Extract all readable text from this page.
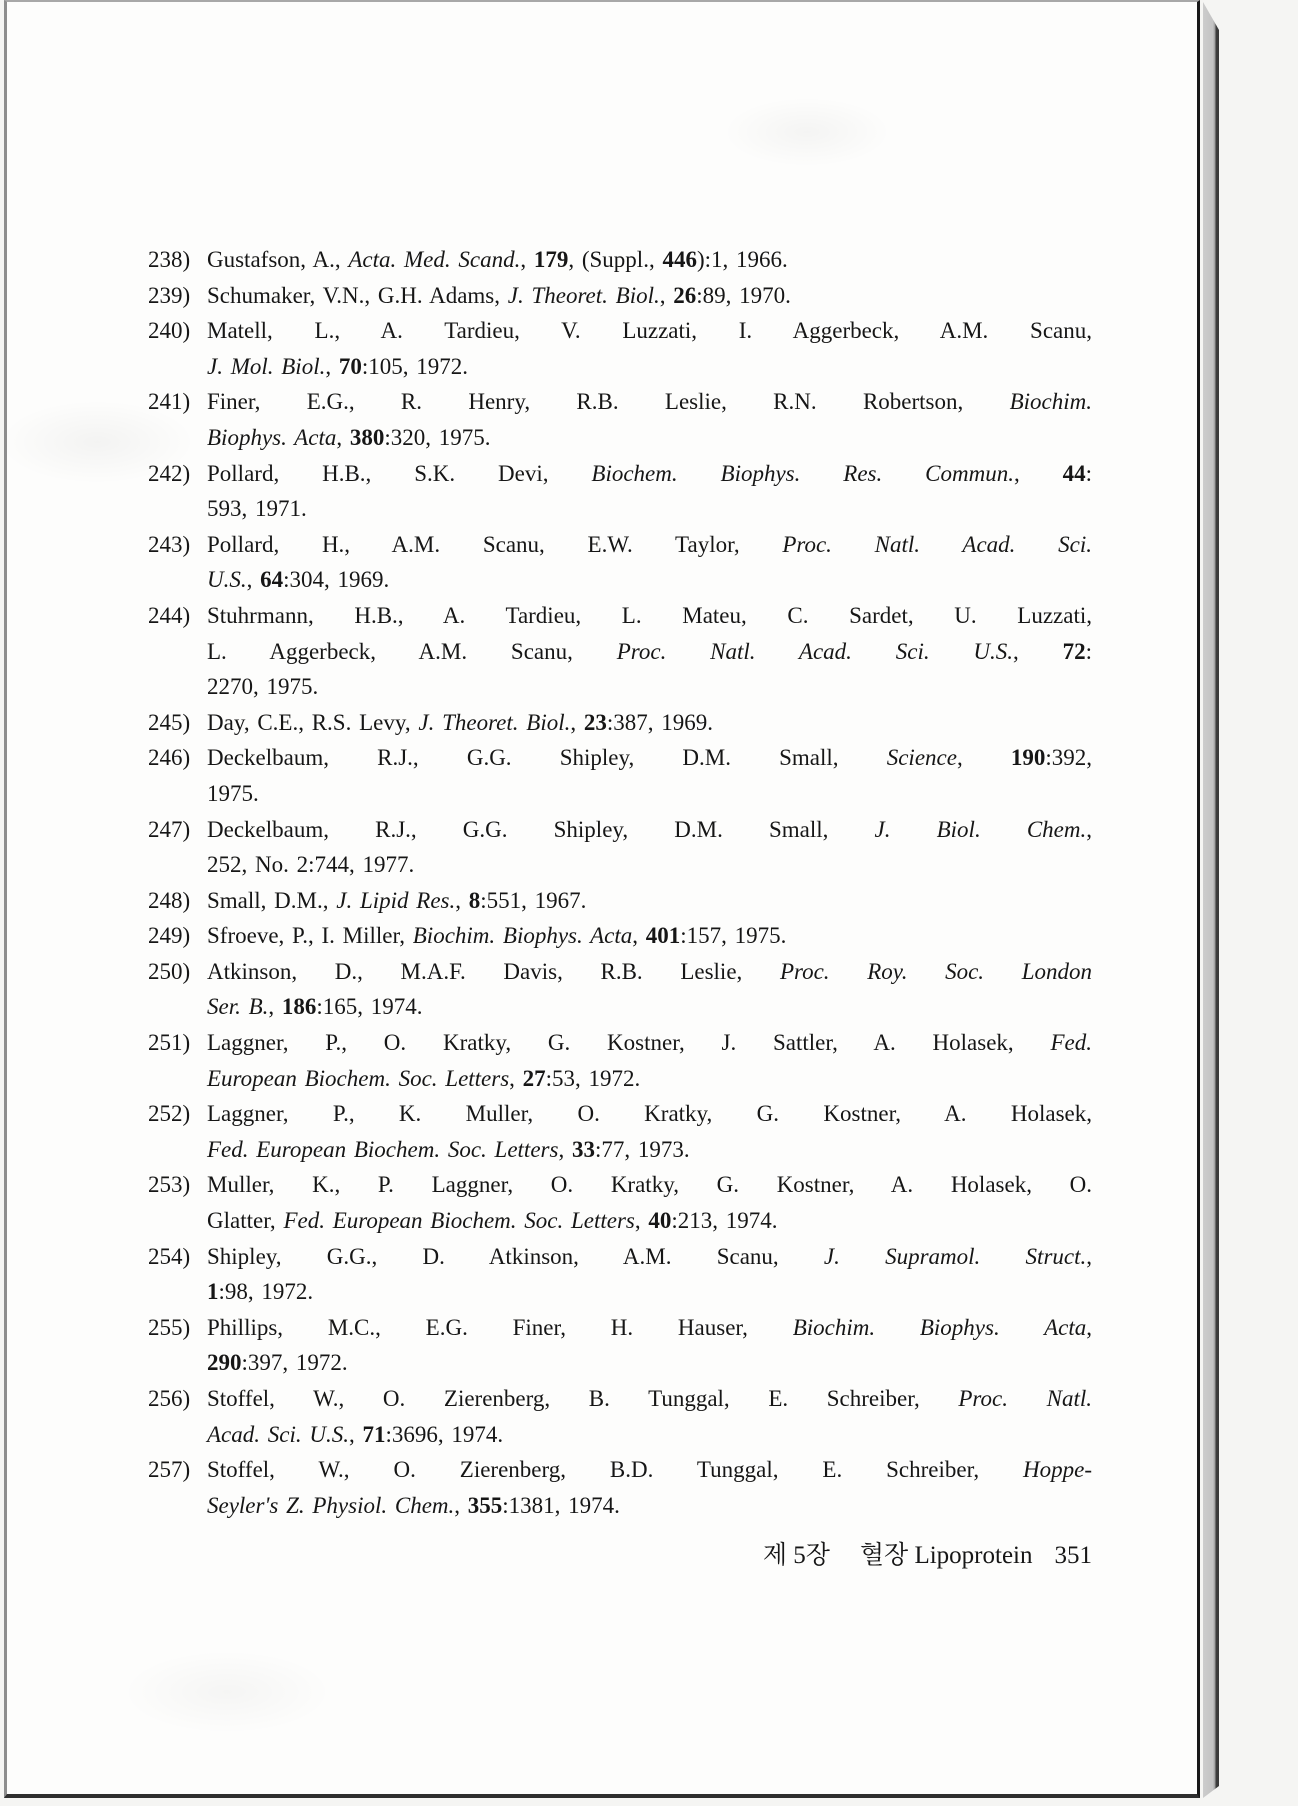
238) Gustafson, A., Acta. Med. Scand., 179, (Suppl., 446):1, 1966.
239) Schumaker, V.N., G.H. Adams, J. Theoret. Biol., 26:89, 1970.
240) Matell, L., A. Tardieu, V. Luzzati, I. Aggerbeck, A.M. Scanu,
J. Mol. Biol., 70:105, 1972.
241) Finer, E.G., R. Henry, R.B. Leslie, R.N. Robertson, Biochim.
Biophys. Acta, 380:320, 1975.
242) Pollard, H.B., S.K. Devi, Biochem. Biophys. Res. Commun., 44:
593, 1971.
243) Pollard, H., A.M. Scanu, E.W. Taylor, Proc. Natl. Acad. Sci.
U.S., 64:304, 1969.
244) Stuhrmann, H.B., A. Tardieu, L. Mateu, C. Sardet, U. Luzzati,
L. Aggerbeck, A.M. Scanu, Proc. Natl. Acad. Sci. U.S., 72:
2270, 1975.
245) Day, C.E., R.S. Levy, J. Theoret. Biol., 23:387, 1969.
246) Deckelbaum, R.J., G.G. Shipley, D.M. Small, Science, 190:392,
1975.
247) Deckelbaum, R.J., G.G. Shipley, D.M. Small, J. Biol. Chem.,
252, No. 2:744, 1977.
248) Small, D.M., J. Lipid Res., 8:551, 1967.
249) Sfroeve, P., I. Miller, Biochim. Biophys. Acta, 401:157, 1975.
250) Atkinson, D., M.A.F. Davis, R.B. Leslie, Proc. Roy. Soc. London
Ser. B., 186:165, 1974.
251) Laggner, P., O. Kratky, G. Kostner, J. Sattler, A. Holasek, Fed.
European Biochem. Soc. Letters, 27:53, 1972.
252) Laggner, P., K. Muller, O. Kratky, G. Kostner, A. Holasek,
Fed. European Biochem. Soc. Letters, 33:77, 1973.
253) Muller, K., P. Laggner, O. Kratky, G. Kostner, A. Holasek, O.
Glatter, Fed. European Biochem. Soc. Letters, 40:213, 1974.
254) Shipley, G.G., D. Atkinson, A.M. Scanu, J. Supramol. Struct.,
1:98, 1972.
255) Phillips, M.C., E.G. Finer, H. Hauser, Biochim. Biophys. Acta,
290:397, 1972.
256) Stoffel, W., O. Zierenberg, B. Tunggal, E. Schreiber, Proc. Natl.
Acad. Sci. U.S., 71:3696, 1974.
257) Stoffel, W., O. Zierenberg, B.D. Tunggal, E. Schreiber, Hoppe-
Seyler's Z. Physiol. Chem., 355:1381, 1974.
제 5장 혈장 Lipoprotein 351
